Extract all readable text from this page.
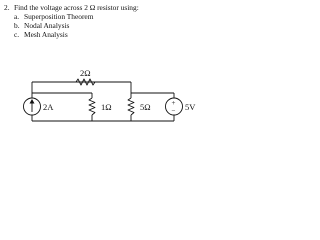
2. Find the voltage across 2 Ω resistor using:
a. Superposition Theorem
b. Nodal Analysis
c. Mesh Analysis
2Ω
2A	1Ω	5Ω	+
− 5V
